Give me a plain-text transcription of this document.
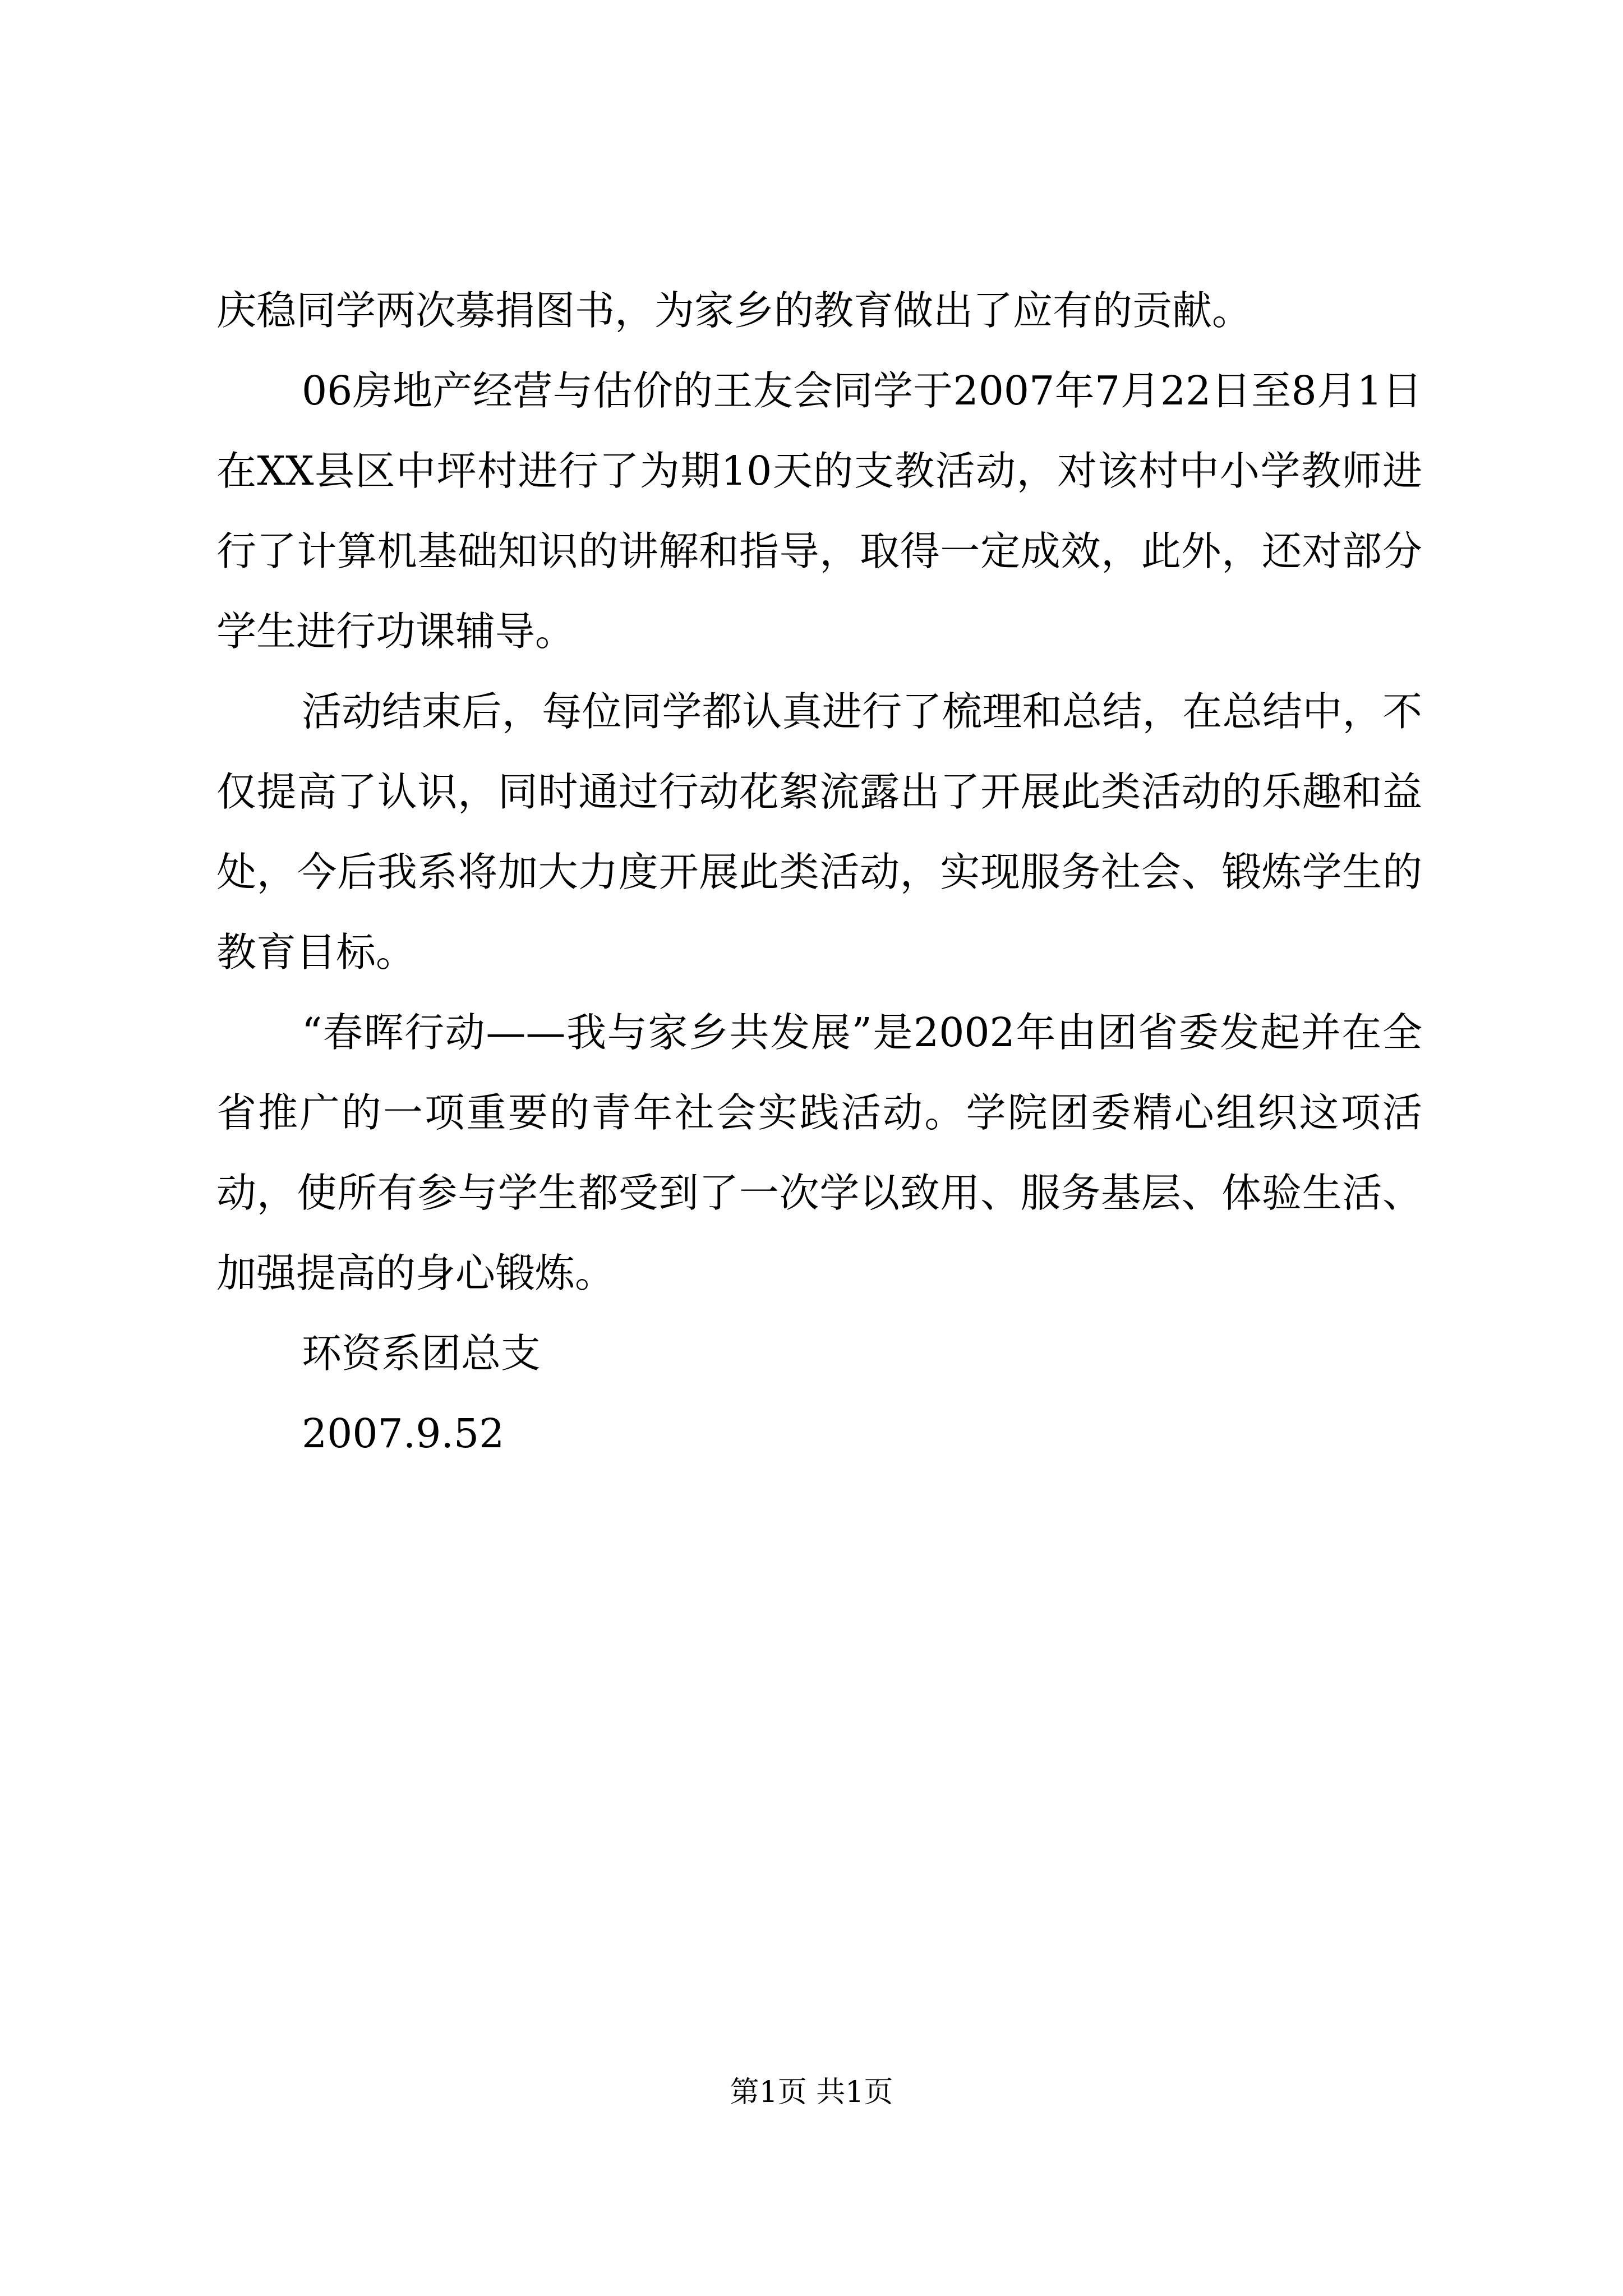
庆稳同学两次募捐图书，为家乡的教育做出了应有的贡献。

06房地产经营与估价的王友会同学于2007年7月22日至8月1日在XX县区中坪村进行了为期10天的支教活动，对该村中小学教师进行了计算机基础知识的讲解和指导，取得一定成效，此外，还对部分学生进行功课辅导。

活动结束后，每位同学都认真进行了梳理和总结，在总结中，不仅提高了认识，同时通过行动花絮流露出了开展此类活动的乐趣和益处，今后我系将加大力度开展此类活动，实现服务社会、锻炼学生的教育目标。

“春晖行动——我与家乡共发展”是2002年由团省委发起并在全省推广的一项重要的青年社会实践活动。学院团委精心组织这项活动，使所有参与学生都受到了一次学以致用、服务基层、体验生活、加强提高的身心锻炼。

环资系团总支

2007.9.52

第1页 共1页
